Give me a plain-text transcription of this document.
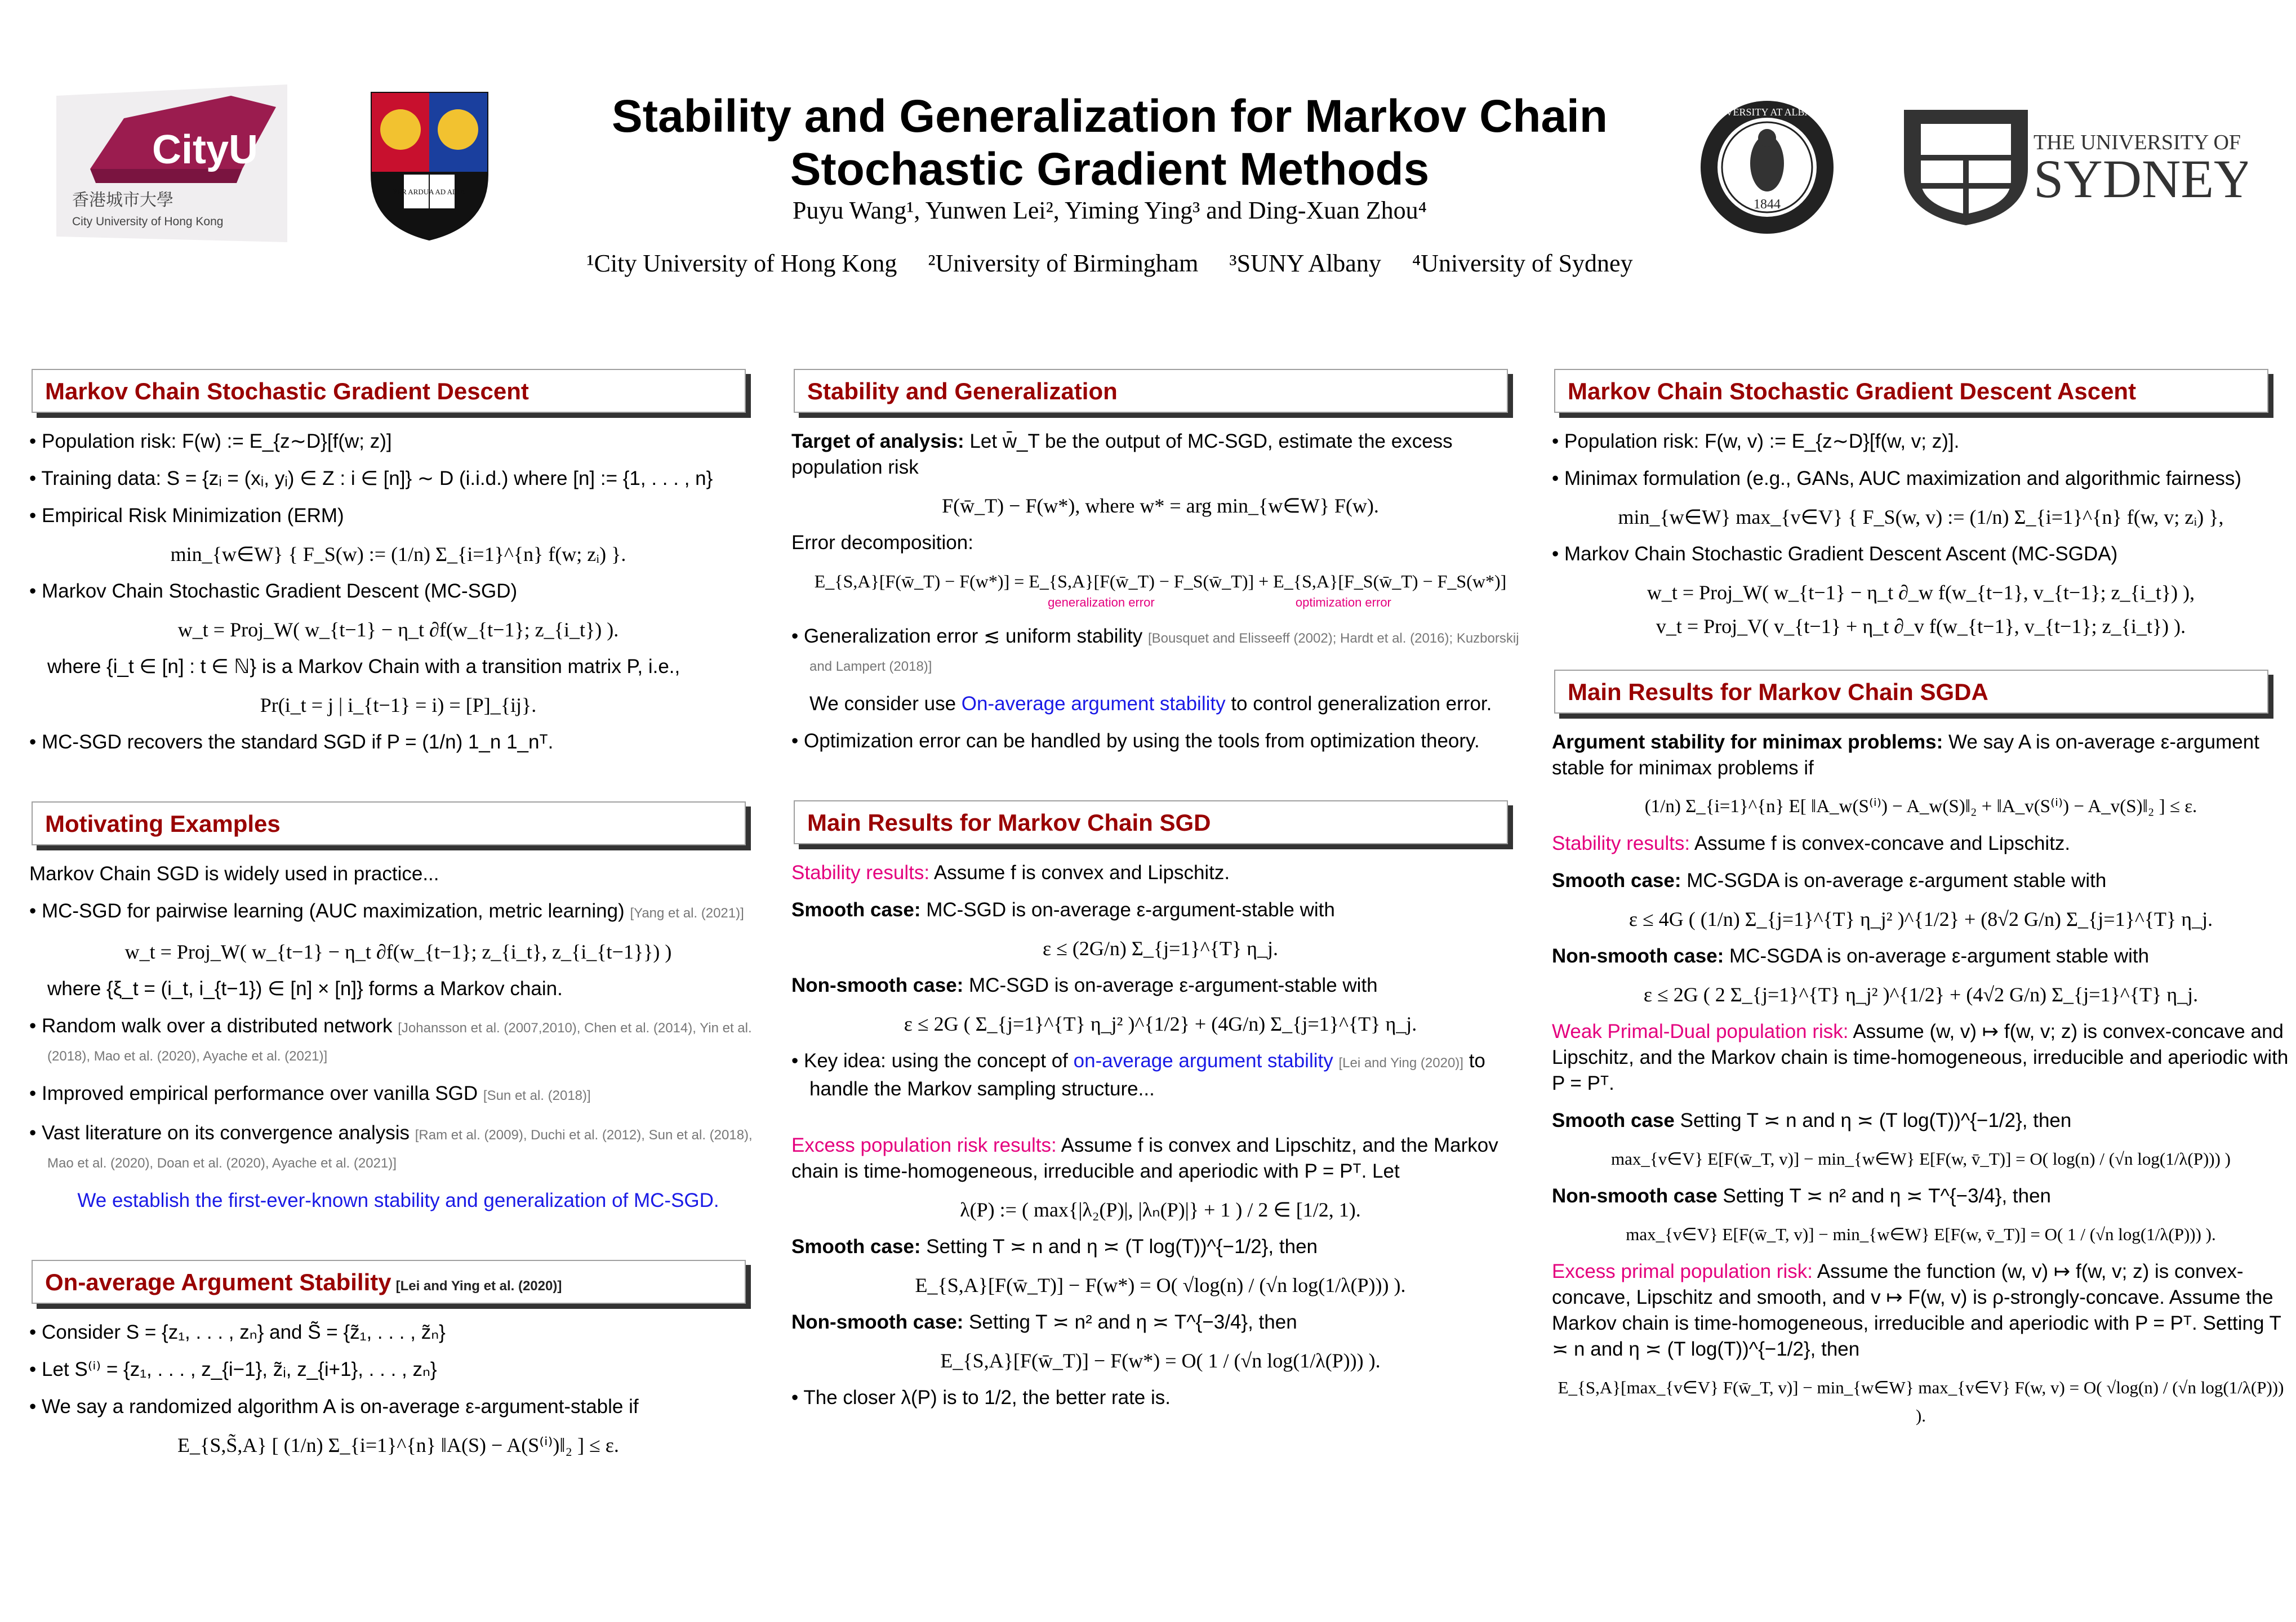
CityU
香港城市大學
City University of Hong Kong
PER ARDUA AD ALTA
Stability and Generalization for Markov Chain
Stochastic Gradient Methods
Puyu Wang¹, Yunwen Lei², Yiming Ying³ and Ding-Xuan Zhou⁴
¹City University of Hong Kong ²University of Birmingham ³SUNY Albany ⁴University of Sydney
UNIVERSITY AT ALBANY
1844
THE UNIVERSITY OF
SYDNEY
Markov Chain Stochastic Gradient Descent
• Population risk: F(w) := E_{z∼D}[f(w; z)]
• Training data: S = {zᵢ = (xᵢ, yᵢ) ∈ Z : i ∈ [n]} ∼ D (i.i.d.) where [n] := {1, . . . , n}
• Empirical Risk Minimization (ERM)
min_{w∈W} { F_S(w) := (1/n) Σ_{i=1}^{n} f(w; zᵢ) }.
• Markov Chain Stochastic Gradient Descent (MC-SGD)
w_t = Proj_W( w_{t−1} − η_t ∂f(w_{t−1}; z_{i_t}) ).
where {i_t ∈ [n] : t ∈ ℕ} is a Markov Chain with a transition matrix P, i.e.,
Pr(i_t = j | i_{t−1} = i) = [P]_{ij}.
• MC-SGD recovers the standard SGD if P = (1/n) 1_n 1_nᵀ.
Motivating Examples
Markov Chain SGD is widely used in practice...
• MC-SGD for pairwise learning (AUC maximization, metric learning) [Yang et al. (2021)]
w_t = Proj_W( w_{t−1} − η_t ∂f(w_{t−1}; z_{i_t}, z_{i_{t−1}}) )
where {ξ_t = (i_t, i_{t−1}) ∈ [n] × [n]} forms a Markov chain.
• Random walk over a distributed network [Johansson et al. (2007,2010), Chen et al. (2014), Yin et al. (2018), Mao et al. (2020), Ayache et al. (2021)]
• Improved empirical performance over vanilla SGD [Sun et al. (2018)]
• Vast literature on its convergence analysis [Ram et al. (2009), Duchi et al. (2012), Sun et al. (2018), Mao et al. (2020), Doan et al. (2020), Ayache et al. (2021)]
We establish the first-ever-known stability and generalization of MC-SGD.
On-average Argument Stability [Lei and Ying et al. (2020)]
• Consider S = {z₁, . . . , zₙ} and S̃ = {z̃₁, . . . , z̃ₙ}
• Let S⁽ⁱ⁾ = {z₁, . . . , z_{i−1}, z̃ᵢ, z_{i+1}, . . . , zₙ}
• We say a randomized algorithm A is on-average ε-argument-stable if
E_{S,S̃,A} [ (1/n) Σ_{i=1}^{n} ‖A(S) − A(S⁽ⁱ⁾)‖₂ ] ≤ ε.
Stability and Generalization
Target of analysis: Let w̄_T be the output of MC-SGD, estimate the excess population risk
F(w̄_T) − F(w*), where w* = arg min_{w∈W} F(w).
Error decomposition:
E_{S,A}[F(w̄_T) − F(w*)] = E_{S,A}[F(w̄_T) − F_S(w̄_T)] + E_{S,A}[F_S(w̄_T) − F_S(w*)]
generalization error	optimization error
• Generalization error ≲ uniform stability [Bousquet and Elisseeff (2002); Hardt et al. (2016); Kuzborskij and Lampert (2018)]
We consider use On-average argument stability to control generalization error.
• Optimization error can be handled by using the tools from optimization theory.
Main Results for Markov Chain SGD
Stability results: Assume f is convex and Lipschitz.
Smooth case: MC-SGD is on-average ε-argument-stable with
ε ≤ (2G/n) Σ_{j=1}^{T} η_j.
Non-smooth case: MC-SGD is on-average ε-argument-stable with
ε ≤ 2G ( Σ_{j=1}^{T} η_j² )^{1/2} + (4G/n) Σ_{j=1}^{T} η_j.
• Key idea: using the concept of on-average argument stability [Lei and Ying (2020)] to handle the Markov sampling structure...
Excess population risk results: Assume f is convex and Lipschitz, and the Markov chain is time-homogeneous, irreducible and aperiodic with P = Pᵀ. Let
λ(P) := ( max{|λ₂(P)|, |λₙ(P)|} + 1 ) / 2 ∈ [1/2, 1).
Smooth case: Setting T ≍ n and η ≍ (T log(T))^{−1/2}, then
E_{S,A}[F(w̄_T)] − F(w*) = O( √log(n) / (√n log(1/λ(P))) ).
Non-smooth case: Setting T ≍ n² and η ≍ T^{−3/4}, then
E_{S,A}[F(w̄_T)] − F(w*) = O( 1 / (√n log(1/λ(P))) ).
• The closer λ(P) is to 1/2, the better rate is.
Markov Chain Stochastic Gradient Descent Ascent
• Population risk: F(w, v) := E_{z∼D}[f(w, v; z)].
• Minimax formulation (e.g., GANs, AUC maximization and algorithmic fairness)
min_{w∈W} max_{v∈V} { F_S(w, v) := (1/n) Σ_{i=1}^{n} f(w, v; zᵢ) },
• Markov Chain Stochastic Gradient Descent Ascent (MC-SGDA)
w_t = Proj_W( w_{t−1} − η_t ∂_w f(w_{t−1}, v_{t−1}; z_{i_t}) ),
v_t = Proj_V( v_{t−1} + η_t ∂_v f(w_{t−1}, v_{t−1}; z_{i_t}) ).
Main Results for Markov Chain SGDA
Argument stability for minimax problems: We say A is on-average ε-argument stable for minimax problems if
(1/n) Σ_{i=1}^{n} E[ ‖A_w(S⁽ⁱ⁾) − A_w(S)‖₂ + ‖A_v(S⁽ⁱ⁾) − A_v(S)‖₂ ] ≤ ε.
Stability results: Assume f is convex-concave and Lipschitz.
Smooth case: MC-SGDA is on-average ε-argument stable with
ε ≤ 4G ( (1/n) Σ_{j=1}^{T} η_j² )^{1/2} + (8√2 G/n) Σ_{j=1}^{T} η_j.
Non-smooth case: MC-SGDA is on-average ε-argument stable with
ε ≤ 2G ( 2 Σ_{j=1}^{T} η_j² )^{1/2} + (4√2 G/n) Σ_{j=1}^{T} η_j.
Weak Primal-Dual population risk: Assume (w, v) ↦ f(w, v; z) is convex-concave and Lipschitz, and the Markov chain is time-homogeneous, irreducible and aperiodic with P = Pᵀ.
Smooth case Setting T ≍ n and η ≍ (T log(T))^{−1/2}, then
max_{v∈V} E[F(w̄_T, v)] − min_{w∈W} E[F(w, v̄_T)] = O( log(n) / (√n log(1/λ(P))) )
Non-smooth case Setting T ≍ n² and η ≍ T^{−3/4}, then
max_{v∈V} E[F(w̄_T, v)] − min_{w∈W} E[F(w, v̄_T)] = O( 1 / (√n log(1/λ(P))) ).
Excess primal population risk: Assume the function (w, v) ↦ f(w, v; z) is convex-concave, Lipschitz and smooth, and v ↦ F(w, v) is ρ-strongly-concave. Assume the Markov chain is time-homogeneous, irreducible and aperiodic with P = Pᵀ. Setting T ≍ n and η ≍ (T log(T))^{−1/2}, then
E_{S,A}[max_{v∈V} F(w̄_T, v)] − min_{w∈W} max_{v∈V} F(w, v) = O( √log(n) / (√n log(1/λ(P))) ).
